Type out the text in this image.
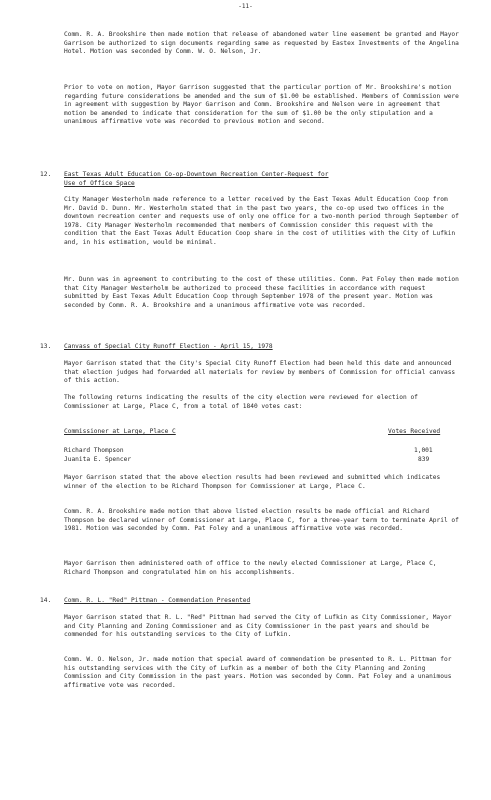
-11-
Comm. R. A. Brookshire then made motion that release of abandoned water line easement be granted and Mayor Garrison be authorized to sign documents regarding same as requested by Eastex Investments of the Angelina Hotel. Motion was seconded by Comm. W. O. Nelson, Jr.
Prior to vote on motion, Mayor Garrison suggested that the particular portion of Mr. Brookshire's motion regarding future considerations be amended and the sum of $1.00 be established. Members of Commission were in agreement with suggestion by Mayor Garrison and Comm. Brookshire and Nelson were in agreement that motion be amended to indicate that consideration for the sum of $1.00 be the only stipulation and a unanimous affirmative vote was recorded to previous motion and second.
12. East Texas Adult Education Co-op-Downtown Recreation Center-Request for
Use of Office Space
City Manager Westerholm made reference to a letter received by the East Texas Adult Education Coop from Mr. David D. Dunn. Mr. Westerholm stated that in the past two years, the co-op used two offices in the downtown recreation center and requests use of only one office for a two-month period through September of 1978. City Manager Westerholm recommended that members of Commission consider this request with the condition that the East Texas Adult Education Coop share in the cost of utilities with the City of Lufkin and, in his estimation, would be minimal.
Mr. Dunn was in agreement to contributing to the cost of these utilities. Comm. Pat Foley then made motion that City Manager Westerholm be authorized to proceed these facilities in accordance with request submitted by East Texas Adult Education Coop through September 1978 of the present year. Motion was seconded by Comm. R. A. Brookshire and a unanimous affirmative vote was recorded.
13. Canvass of Special City Runoff Election - April 15, 1978
Mayor Garrison stated that the City's Special City Runoff Election had been held this date and announced that election judges had forwarded all materials for review by members of Commission for official canvass of this action.
The following returns indicating the results of the city election were reviewed for election of Commissioner at Large, Place C, from a total of 1840 votes cast:
Commissioner at Large, Place C	Votes Received
Richard Thompson	1,001
Juanita E. Spencer	839
Mayor Garrison stated that the above election results had been reviewed and submitted which indicates winner of the election to be Richard Thompson for Commissioner at Large, Place C.
Comm. R. A. Brookshire made motion that above listed election results be made official and Richard Thompson be declared winner of Commissioner at Large, Place C, for a three-year term to terminate April of 1981. Motion was seconded by Comm. Pat Foley and a unanimous affirmative vote was recorded.
Mayor Garrison then administered oath of office to the newly elected Commissioner at Large, Place C, Richard Thompson and congratulated him on his accomplishments.
14. Comm. R. L. "Red" Pittman - Commendation Presented
Mayor Garrison stated that R. L. "Red" Pittman had served the City of Lufkin as City Commissioner, Mayor and City Planning and Zoning Commissioner and as City Commissioner in the past years and should be commended for his outstanding services to the City of Lufkin.
Comm. W. O. Nelson, Jr. made motion that special award of commendation be presented to R. L. Pittman for his outstanding services with the City of Lufkin as a member of both the City Planning and Zoning Commission and City Commission in the past years. Motion was seconded by Comm. Pat Foley and a unanimous affirmative vote was recorded.
